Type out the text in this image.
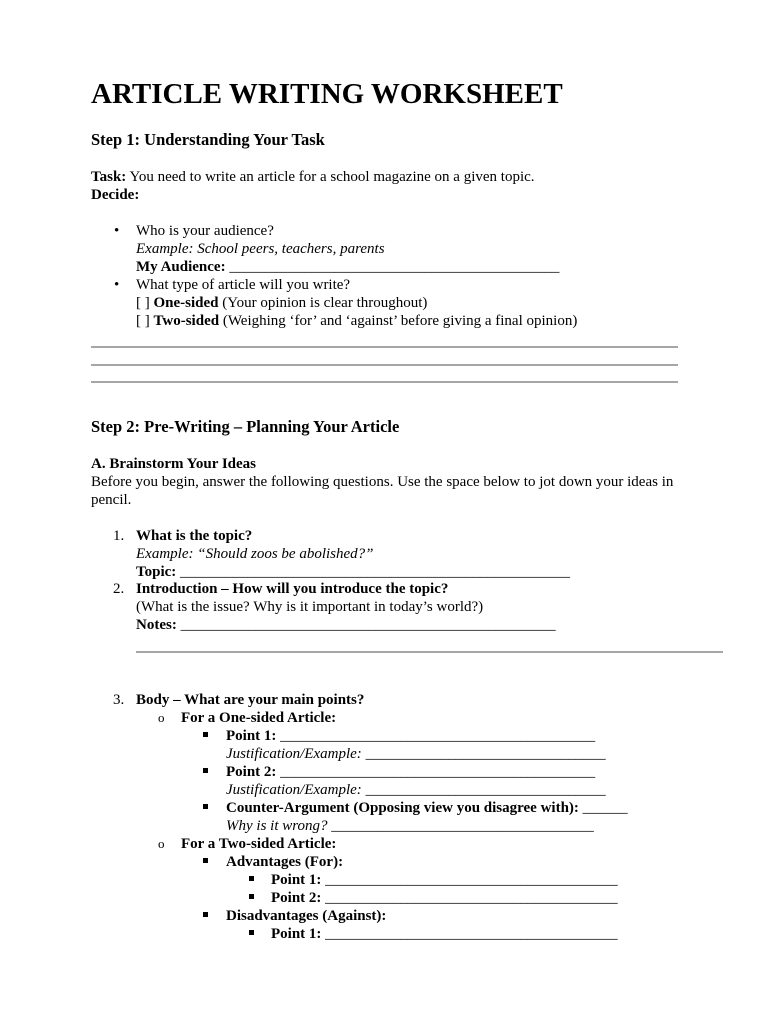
ARTICLE WRITING WORKSHEET
Step 1: Understanding Your Task
Task: You need to write an article for a school magazine on a given topic.
Decide:
• Who is your audience?
Example: School peers, teachers, parents
My Audience: ____________________________________________
• What type of article will you write?
[ ] One-sided (Your opinion is clear throughout)
[ ] Two-sided (Weighing ‘for’ and ‘against’ before giving a final opinion)
Step 2: Pre-Writing – Planning Your Article
A. Brainstorm Your Ideas
Before you begin, answer the following questions. Use the space below to jot down your ideas in
pencil.
1. What is the topic?
Example: “Should zoos be abolished?”
Topic: ____________________________________________________
2. Introduction – How will you introduce the topic?
(What is the issue? Why is it important in today’s world?)
Notes: __________________________________________________
3. Body – What are your main points?
o For a One-sided Article:
Point 1: __________________________________________
Justification/Example: ________________________________
Point 2: __________________________________________
Justification/Example: ________________________________
Counter-Argument (Opposing view you disagree with): ______
Why is it wrong? ___________________________________
o For a Two-sided Article:
Advantages (For):
Point 1: _______________________________________
Point 2: _______________________________________
Disadvantages (Against):
Point 1: _______________________________________
